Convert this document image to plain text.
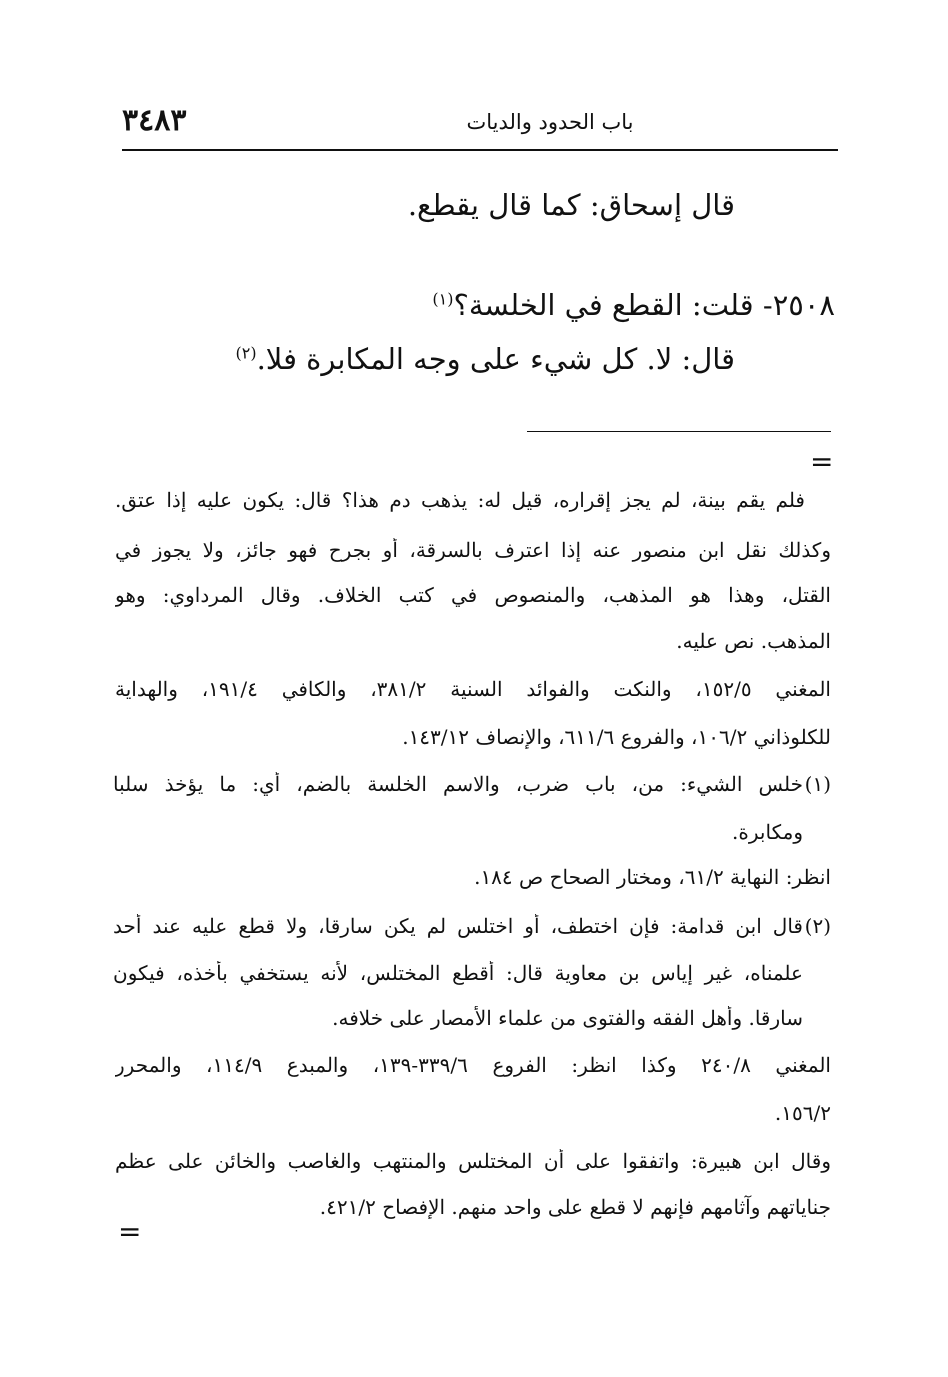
٣٤٨٣	باب الحدود والديات
قال إسحاق: كما قال يقطع.
٢٥٠٨- قلت: القطع في الخلسة؟$^{(١)}$
قال: لا. كل شيء على وجه المكابرة فلا.$^{(٢)}$
=
فلم يقم بينة، لم يجز إقراره، قيل له: يذهب دم هذا؟ قال: يكون عليه إذا عتق.
وكذلك نقل ابن منصور عنه إذا اعترف بالسرقة، أو بجرح فهو جائز، ولا يجوز في
القتل، وهذا هو المذهب، والمنصوص في كتب الخلاف. وقال المرداوي: وهو
المذهب. نص عليه.
المغني ١٥٢/٥، والنكت والفوائد السنية ٣٨١/٢، والكافي ١٩١/٤، والهداية
للكلوذاني ١٠٦/٢، والفروع ٦١١/٦، والإنصاف ١٤٣/١٢.
(١)
خلس الشيء: من، باب ضرب، والاسم الخلسة بالضم، أي: ما يؤخذ سلبا
ومكابرة.
انظر: النهاية ٦١/٢، ومختار الصحاح ص ١٨٤.
(٢)
قال ابن قدامة: فإن اختطف، أو اختلس لم يكن سارقا، ولا قطع عليه عند أحد
علمناه، غير إياس بن معاوية قال: أقطع المختلس، لأنه يستخفي بأخذه، فيكون
سارقا. وأهل الفقه والفتوى من علماء الأمصار على خلافه.
المغني ٢٤٠/٨ وكذا انظر: الفروع ٣٣٩/٦-١٣٩، والمبدع ١١٤/٩، والمحرر
١٥٦/٢.
وقال ابن هبيرة: واتفقوا على أن المختلس والمنتهب والغاصب والخائن على عظم
جناياتهم وآثامهم فإنهم لا قطع على واحد منهم. الإفصاح ٤٢١/٢.
=
